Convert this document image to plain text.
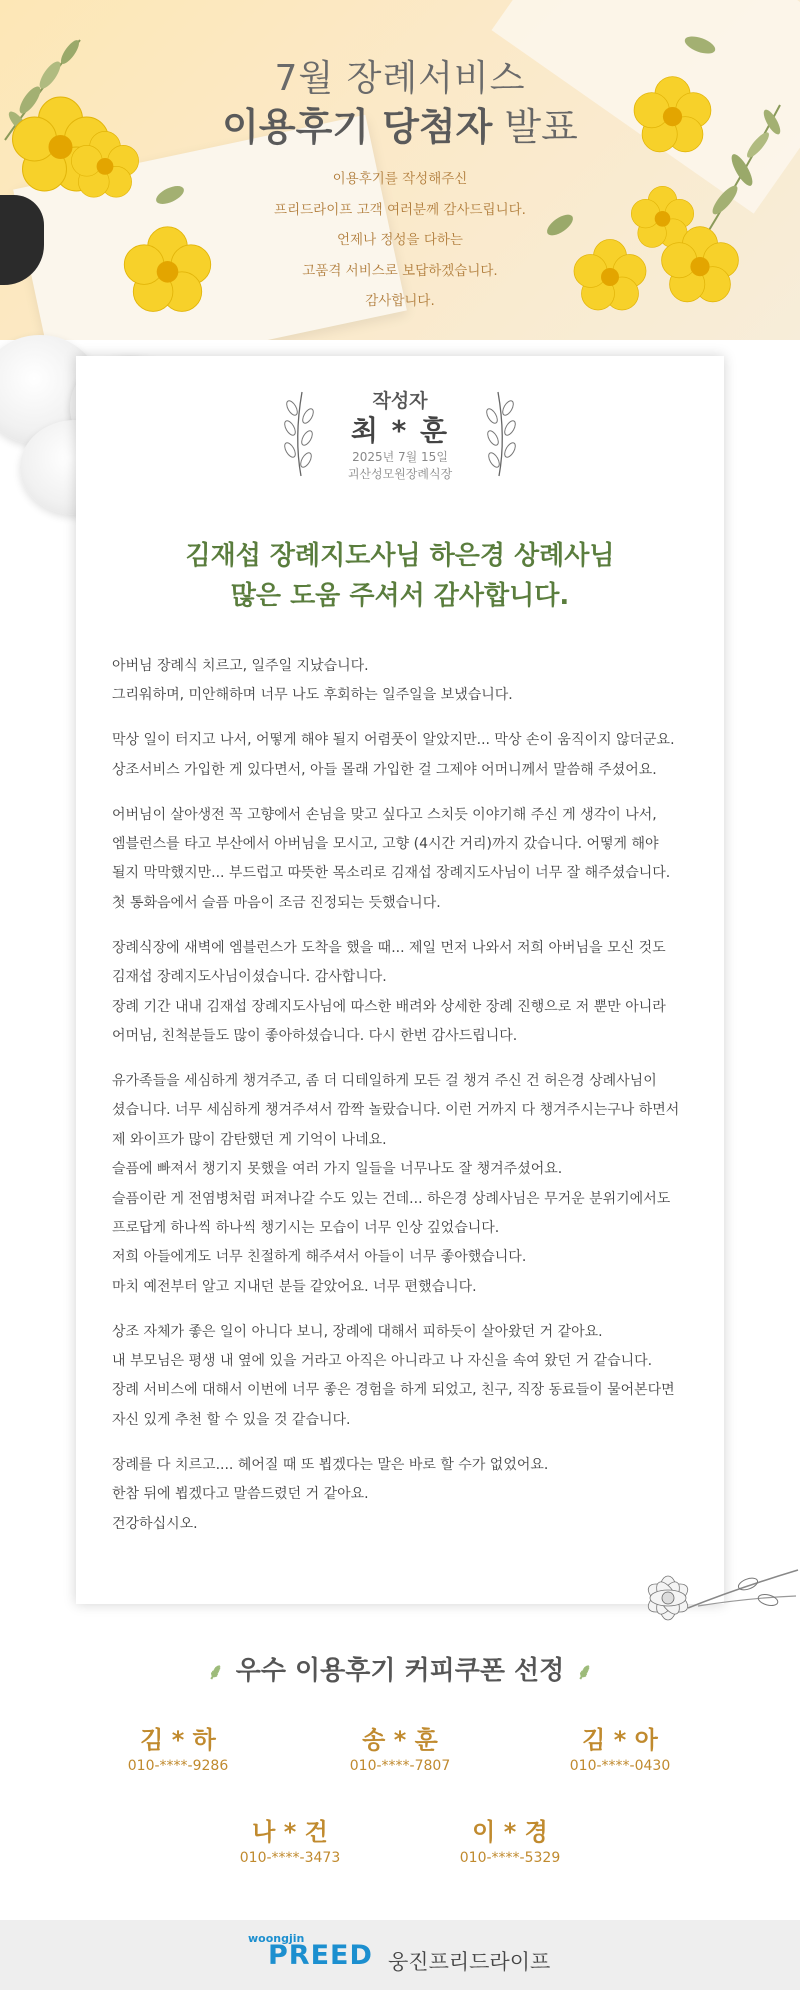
7월 장례서비스
이용후기 당첨자 발표

이용후기를 작성해주신

프리드라이프 고객 여러분께 감사드립니다.

언제나 정성을 다하는

고품격 서비스로 보답하겠습니다.

감사합니다.

작성자
최 * 훈
2025년 7월 15일
괴산성모원장례식장
김재섭 장례지도사님 하은경 상례사님
많은 도움 주셔서 감사합니다.

아버님 장례식 치르고, 일주일 지났습니다.

그리워하며, 미안해하며 너무 나도 후회하는 일주일을 보냈습니다.

막상 일이 터지고 나서, 어떻게 해야 될지 어렴풋이 알았지만... 막상 손이 움직이지 않더군요.

상조서비스 가입한 게 있다면서, 아들 몰래 가입한 걸 그제야 어머니께서 말씀해 주셨어요.

어버님이 살아생전 꼭 고향에서 손님을 맞고 싶다고 스치듯 이야기해 주신 게 생각이 나서,

엠블런스를 타고 부산에서 아버님을 모시고, 고향 (4시간 거리)까지 갔습니다. 어떻게 해야

될지 막막했지만... 부드럽고 따뜻한 목소리로 김재섭 장례지도사님이 너무 잘 해주셨습니다.

첫 통화음에서 슬픔 마음이 조금 진정되는 듯했습니다.

장례식장에 새벽에 엠블런스가 도착을 했을 때... 제일 먼저 나와서 저희 아버님을 모신 것도

김재섭 장례지도사님이셨습니다. 감사합니다.

장례 기간 내내 김재섭 장례지도사님에 따스한 배려와 상세한 장례 진행으로 저 뿐만 아니라

어머님, 친척분들도 많이 좋아하셨습니다. 다시 한번 감사드립니다.

유가족들을 세심하게 챙겨주고, 좀 더 디테일하게 모든 걸 챙겨 주신 건 허은경 상례사님이

셨습니다. 너무 세심하게 챙겨주셔서 깜짝 놀랐습니다. 이런 거까지 다 챙겨주시는구나 하면서

제 와이프가 많이 감탄했던 게 기억이 나네요.

슬픔에 빠져서 챙기지 못했을 여러 가지 일들을 너무나도 잘 챙겨주셨어요.

슬픔이란 게 전염병처럼 퍼져나갈 수도 있는 건데... 하은경 상례사님은 무거운 분위기에서도

프로답게 하나씩 하나씩 챙기시는 모습이 너무 인상 깊었습니다.

저희 아들에게도 너무 친절하게 해주셔서 아들이 너무 좋아했습니다.

마치 예전부터 알고 지내던 분들 같았어요. 너무 편했습니다.

상조 자체가 좋은 일이 아니다 보니, 장례에 대해서 피하듯이 살아왔던 거 같아요.

내 부모님은 평생 내 옆에 있을 거라고 아직은 아니라고 나 자신을 속여 왔던 거 같습니다.

장례 서비스에 대해서 이번에 너무 좋은 경험을 하게 되었고, 친구, 직장 동료들이 물어본다면

자신 있게 추천 할 수 있을 것 같습니다.

장례를 다 치르고.... 헤어질 때 또 뵙겠다는 말은 바로 할 수가 없었어요.

한참 뒤에 뵙겠다고 말씀드렸던 거 같아요.

건강하십시오.

⸙ 우수 이용후기 커피쿠폰 선정 ⸙
김 * 하
010-****-9286
송 * 훈
010-****-7807
김 * 아
010-****-0430
나 * 건
010-****-3473
이 * 경
010-****-5329
woongjin
PREED 웅진프리드라이프
